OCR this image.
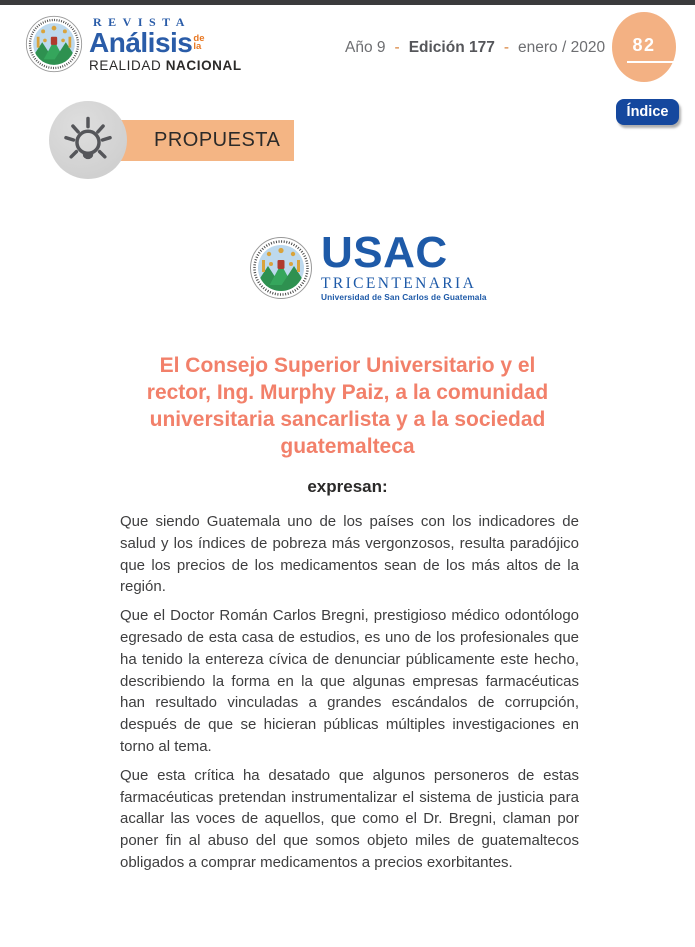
REVISTA
Análisis de
la
REALIDAD NACIONAL
Año 9 - Edición 177 - enero / 2020	82
Índice
PROPUESTA
USAC
TRICENTENARIA
Universidad de San Carlos de Guatemala
El Consejo Superior Universitario y el
rector, Ing. Murphy Paiz, a la comunidad
universitaria sancarlista y a la sociedad
guatemalteca
expresan:

Que siendo Guatemala uno de los países con los indicadores de salud y los índices de pobreza más vergonzosos, resulta paradójico que los precios de los medicamentos sean de los más altos de la región.

Que el Doctor Román Carlos Bregni, prestigioso médico odontólogo egresado de esta casa de estudios, es uno de los profesionales que ha tenido la entereza cívica de denunciar públicamente este hecho, describiendo la forma en la que algunas empresas farmacéuticas han resultado vinculadas a grandes escándalos de corrupción, después de que se hicieran públicas múltiples investigaciones en torno al tema.

Que esta crítica ha desatado que algunos personeros de estas farmacéuticas pretendan instrumentalizar el sistema de justicia para acallar las voces de aquellos, que como el Dr. Bregni, claman por poner fin al abuso del que somos objeto miles de guatemaltecos obligados a comprar medicamentos a precios exorbitantes.
